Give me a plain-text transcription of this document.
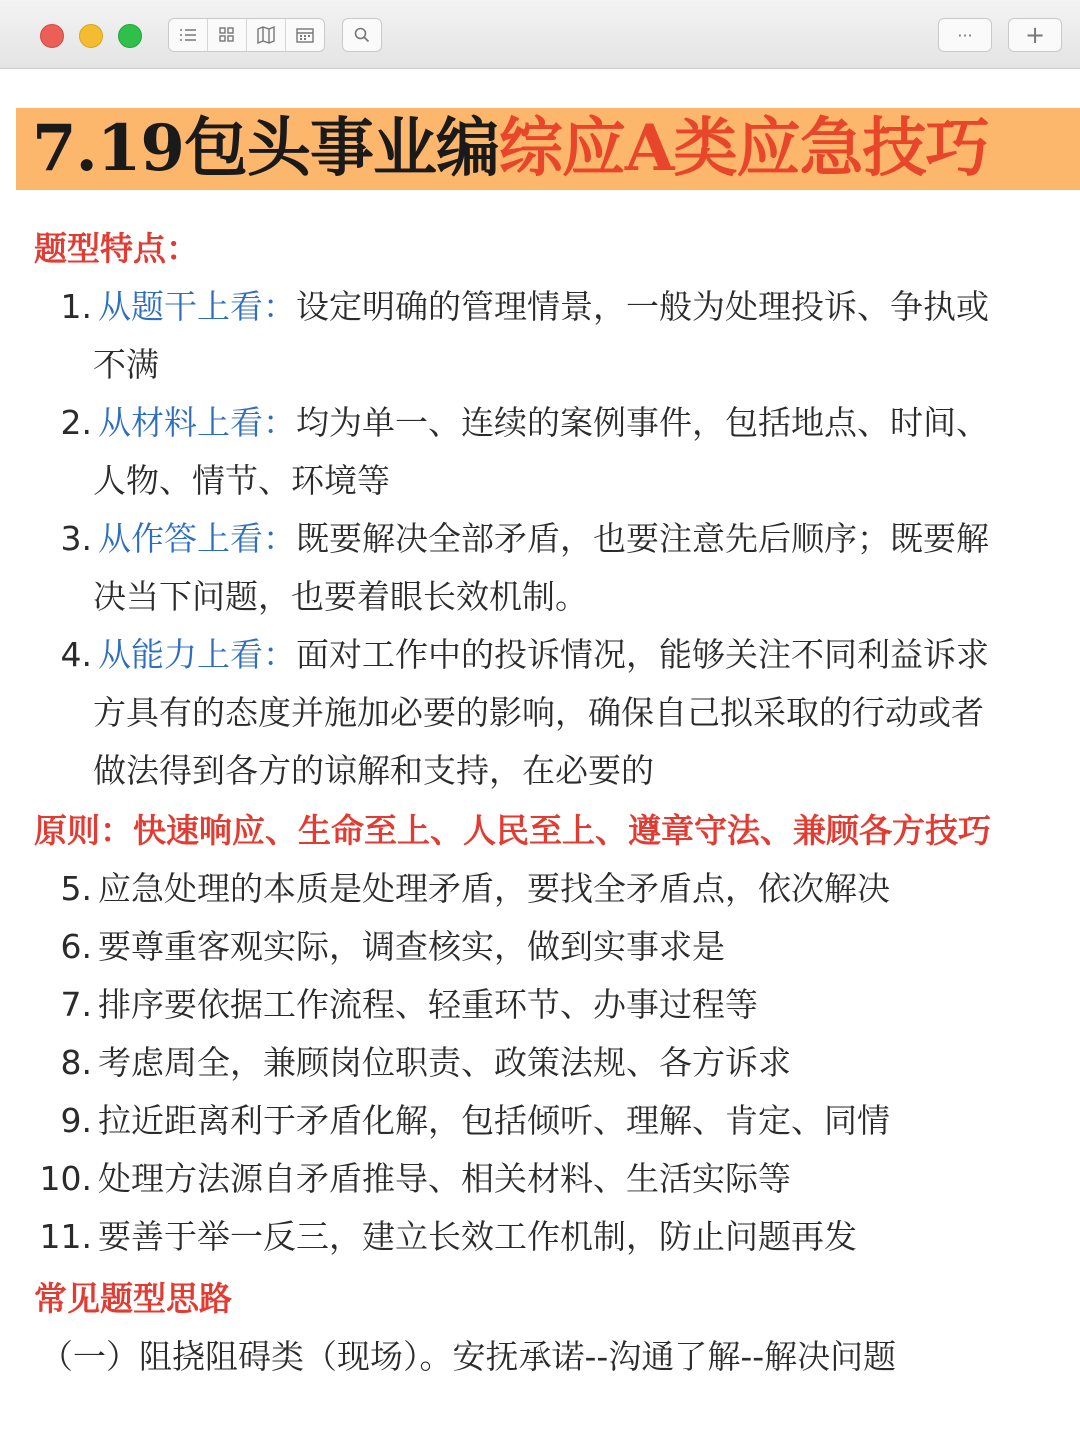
···	+
7.19包头事业编综应A类应急技巧
题型特点：
1. 从题干上看：设定明确的管理情景，一般为处理投诉、争执或
不满
2. 从材料上看：均为单一、连续的案例事件，包括地点、时间、
人物、情节、环境等
3. 从作答上看：既要解决全部矛盾，也要注意先后顺序；既要解
决当下问题，也要着眼长效机制。
4. 从能力上看：面对工作中的投诉情况，能够关注不同利益诉求
方具有的态度并施加必要的影响，确保自己拟采取的行动或者
做法得到各方的谅解和支持，在必要的
原则：快速响应、生命至上、人民至上、遵章守法、兼顾各方技巧
5. 应急处理的本质是处理矛盾，要找全矛盾点，依次解决
6. 要尊重客观实际，调查核实，做到实事求是
7. 排序要依据工作流程、轻重环节、办事过程等
8. 考虑周全，兼顾岗位职责、政策法规、各方诉求
9. 拉近距离利于矛盾化解，包括倾听、理解、肯定、同情
10. 处理方法源自矛盾推导、相关材料、生活实际等
11. 要善于举一反三，建立长效工作机制，防止问题再发
常见题型思路
（一）阻挠阻碍类（现场）。安抚承诺--沟通了解--解决问题
